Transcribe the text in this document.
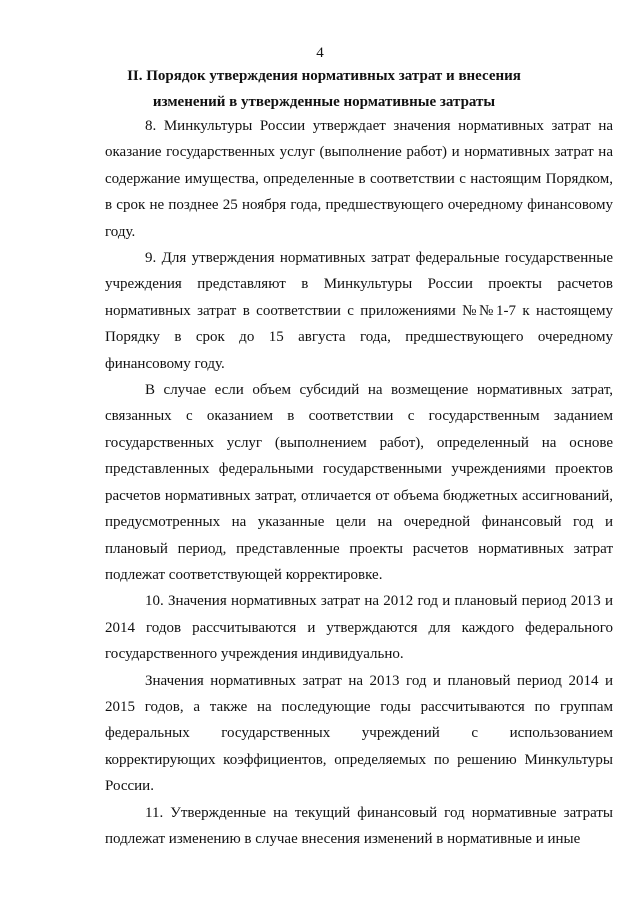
4
II. Порядок утверждения нормативных затрат и внесения изменений в утвержденные нормативные затраты

8. Минкультуры России утверждает значения нормативных затрат на оказание государственных услуг (выполнение работ) и нормативных затрат на содержание имущества, определенные в соответствии с настоящим Порядком, в срок не позднее 25 ноября года, предшествующего очередному финансовому году.

9. Для утверждения нормативных затрат федеральные государственные учреждения представляют в Минкультуры России проекты расчетов нормативных затрат в соответствии с приложениями №№1-7 к настоящему Порядку в срок до 15 августа года, предшествующего очередному финансовому году.

В случае если объем субсидий на возмещение нормативных затрат, связанных с оказанием в соответствии с государственным заданием государственных услуг (выполнением работ), определенный на основе представленных федеральными государственными учреждениями проектов расчетов нормативных затрат, отличается от объема бюджетных ассигнований, предусмотренных на указанные цели на очередной финансовый год и плановый период, представленные проекты расчетов нормативных затрат подлежат соответствующей корректировке.

10. Значения нормативных затрат на 2012 год и плановый период 2013 и 2014 годов рассчитываются и утверждаются для каждого федерального государственного учреждения индивидуально.

Значения нормативных затрат на 2013 год и плановый период 2014 и 2015 годов, а также на последующие годы рассчитываются по группам федеральных государственных учреждений с использованием корректирующих коэффициентов, определяемых по решению Минкультуры России.

11. Утвержденные на текущий финансовый год нормативные затраты подлежат изменению в случае внесения изменений в нормативные и иные
